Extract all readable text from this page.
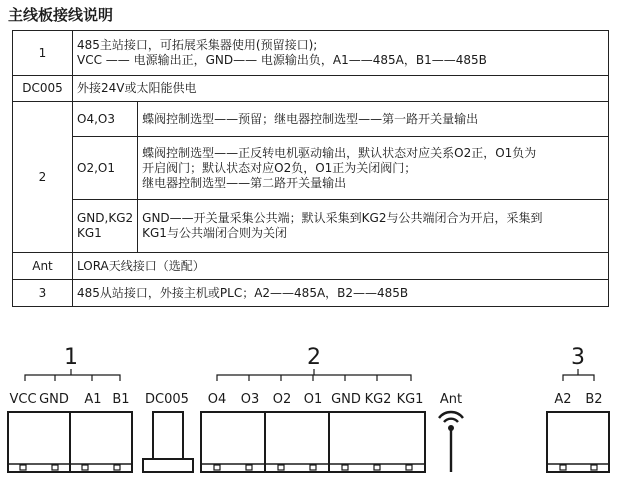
主线板接线说明
1	485主站接口，可拓展采集器使用(预留接口);
VCC —— 电源输出正，GND—— 电源输出负，A1——485A，B1——485B	

DC005	外接24V或太阳能供电	

2	O4,O3	蝶阀控制选型——预留；继电器控制选型——第一路开关量输出

	O2,O1	蝶阀控制选型——正反转电机驱动输出，默认状态对应关系O2正，O1负为
开启阀门；默认状态对应O2负，O1正为关闭阀门；
继电器控制选型——第二路开关量输出

	GND,KG2
KG1	GND——开关量采集公共端；默认采集到KG2与公共端闭合为开启，采集到
KG1与公共端闭合则为关闭

Ant	LORA天线接口（选配）	

3	485从站接口，外接主机或PLC；A2——485A，B2——485B	
1	2	3
VCC GND A1 B1 DC005 O4 O3 O2 O1 GND KG2 KG1 Ant	A2 B2
